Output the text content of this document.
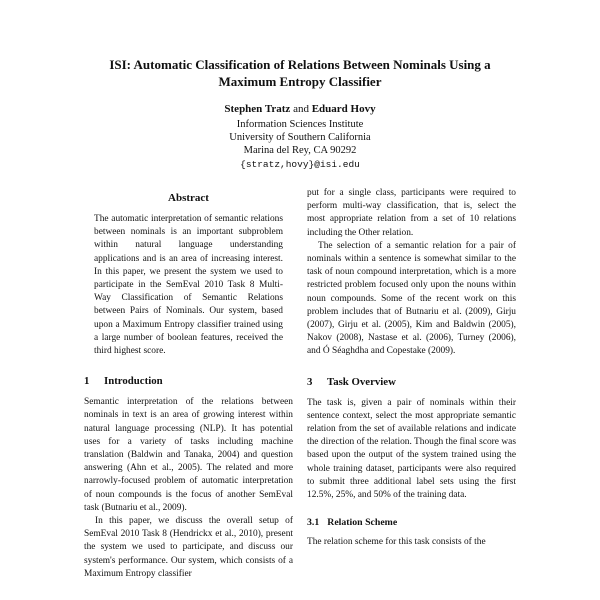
ISI: Automatic Classification of Relations Between Nominals Using a Maximum Entropy Classifier
Stephen Tratz and Eduard Hovy
Information Sciences Institute
University of Southern California
Marina del Rey, CA 90292
{stratz,hovy}@isi.edu
Abstract

The automatic interpretation of semantic relations between nominals is an important subproblem within natural language understanding applications and is an area of increasing interest. In this paper, we present the system we used to participate in the SemEval 2010 Task 8 Multi-Way Classification of Semantic Relations between Pairs of Nominals. Our system, based upon a Maximum Entropy classifier trained using a large number of boolean features, received the third highest score.

1 Introduction

Semantic interpretation of the relations between nominals in text is an area of growing interest within natural language processing (NLP). It has potential uses for a variety of tasks including machine translation (Baldwin and Tanaka, 2004) and question answering (Ahn et al., 2005). The related and more narrowly-focused problem of automatic interpretation of noun compounds is the focus of another SemEval task (Butnariu et al., 2009).

In this paper, we discuss the overall setup of SemEval 2010 Task 8 (Hendrickx et al., 2010), present the system we used to participate, and discuss our system's performance. Our system, which consists of a Maximum Entropy classifier

put for a single class, participants were required to perform multi-way classification, that is, select the most appropriate relation from a set of 10 relations including the Other relation.

The selection of a semantic relation for a pair of nominals within a sentence is somewhat similar to the task of noun compound interpretation, which is a more restricted problem focused only upon the nouns within noun compounds. Some of the recent work on this problem includes that of Butnariu et al. (2009), Girju (2007), Girju et al. (2005), Kim and Baldwin (2005), Nakov (2008), Nastase et al. (2006), Turney (2006), and Ó Séaghdha and Copestake (2009).

3 Task Overview

The task is, given a pair of nominals within their sentence context, select the most appropriate semantic relation from the set of available relations and indicate the direction of the relation. Though the final score was based upon the output of the system trained using the whole training dataset, participants were also required to submit three additional label sets using the first 12.5%, 25%, and 50% of the training data.

3.1 Relation Scheme

The relation scheme for this task consists of the
